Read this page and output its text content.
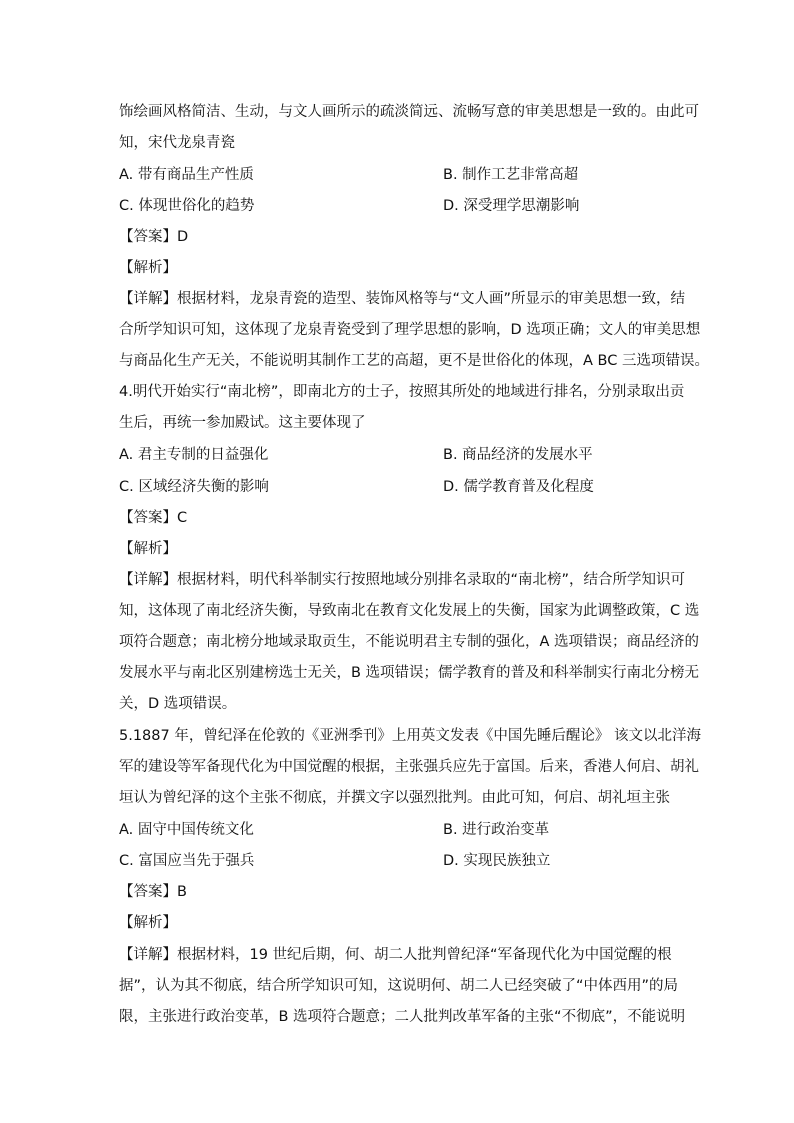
饰绘画风格简洁、生动，与文人画所示的疏淡简远、流畅写意的审美思想是一致的。由此可
知，宋代龙泉青瓷
A. 带有商品生产性质	B. 制作工艺非常高超
C. 体现世俗化的趋势	D. 深受理学思潮影响
【答案】D
【解析】
【详解】根据材料，龙泉青瓷的造型、装饰风格等与“文人画”所显示的审美思想一致，结
合所学知识可知，这体现了龙泉青瓷受到了理学思想的影响，D 选项正确；文人的审美思想
与商品化生产无关，不能说明其制作工艺的高超，更不是世俗化的体现，A BC 三选项错误。
4.明代开始实行“南北榜”，即南北方的士子，按照其所处的地域进行排名，分别录取出贡
生后，再统一参加殿试。这主要体现了
A. 君主专制的日益强化	B. 商品经济的发展水平
C. 区域经济失衡的影响	D. 儒学教育普及化程度
【答案】C
【解析】
【详解】根据材料，明代科举制实行按照地域分别排名录取的“南北榜”，结合所学知识可
知，这体现了南北经济失衡，导致南北在教育文化发展上的失衡，国家为此调整政策，C 选
项符合题意；南北榜分地域录取贡生，不能说明君主专制的强化，A 选项错误；商品经济的
发展水平与南北区别建榜选士无关，B 选项错误；儒学教育的普及和科举制实行南北分榜无
关，D 选项错误。
5.1887 年，曾纪泽在伦敦的《亚洲季刊》上用英文发表《中国先睡后醒论》 该文以北洋海
军的建设等军备现代化为中国觉醒的根据，主张强兵应先于富国。后来，香港人何启、胡礼
垣认为曾纪泽的这个主张不彻底，并撰文字以强烈批判。由此可知，何启、胡礼垣主张
A. 固守中国传统文化	B. 进行政治变革
C. 富国应当先于强兵	D. 实现民族独立
【答案】B
【解析】
【详解】根据材料，19 世纪后期，何、胡二人批判曾纪泽“军备现代化为中国觉醒的根
据”，认为其不彻底，结合所学知识可知，这说明何、胡二人已经突破了“中体西用”的局
限，主张进行政治变革，B 选项符合题意；二人批判改革军备的主张“不彻底”，不能说明
